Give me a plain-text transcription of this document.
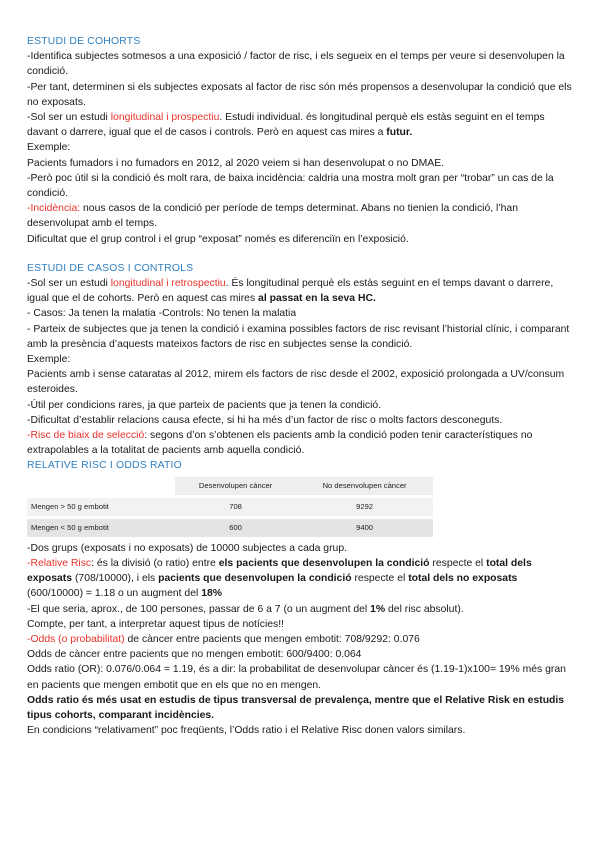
ESTUDI DE COHORTS

-Identifica subjectes sotmesos a una exposició / factor de risc, i els segueix en el temps per veure si desenvolupen la condició.

-Per tant, determinen si els subjectes exposats al factor de risc són més propensos a desenvolupar la condició que els no exposats.

-Sol ser un estudi longitudinal i prospectiu. Estudi individual. és longitudinal perquè els estàs seguint en el temps davant o darrere, igual que el de casos i controls. Però en aquest cas mires a futur.

Exemple:

Pacients fumadors i no fumadors en 2012, al 2020 veiem si han desenvolupat o no DMAE.

-Però poc útil si la condició és molt rara, de baixa incidència: caldria una mostra molt gran per “trobar” un cas de la condició.

-Incidència: nous casos de la condició per període de temps determinat. Abans no tienien la condició, l’han desenvolupat amb el temps.

Dificultat que el grup control i el grup “exposat” només es diferenciïn en l’exposició.

ESTUDI DE CASOS I CONTROLS

-Sol ser un estudi longitudinal i retrospectiu. És longitudinal perquè els estàs seguint en el temps davant o darrere, igual que el de cohorts. Però en aquest cas mires al passat en la seva HC.

- Casos: Ja tenen la malatia -Controls: No tenen la malatia

- Parteix de subjectes que ja tenen la condició i examina possibles factors de risc revisant l’historial clínic, i comparant amb la presència d’aquests mateixos factors de risc en subjectes sense la condició.

Exemple:

Pacients amb i sense cataratas al 2012, mirem els factors de risc desde el 2002, exposició prolongada a UV/consum esteroides.

-Útil per condicions rares, ja que parteix de pacients que ja tenen la condició.

-Dificultat d’establir relacions causa efecte, si hi ha més d’un factor de risc o molts factors desconeguts.

-Risc de biaix de selecció: segons d’on s’obtenen els pacients amb la condició poden tenir característiques no extrapolables a la totalitat de pacients amb aquella condició.

RELATIVE RISC I ODDS RATIO

	Desenvolupen càncer	No desenvolupen càncer

Mengen > 50 g embotit	708	9292

Mengen < 50 g embotit	600	9400

-Dos grups (exposats i no exposats) de 10000 subjectes a cada grup.

-Relative Risc: és la divisió (o ratio) entre els pacients que desenvolupen la condició respecte el total dels exposats (708/10000), i els pacients que desenvolupen la condició respecte el total dels no exposats (600/10000) = 1.18 o un augment del 18%

-El que seria, aprox., de 100 persones, passar de 6 a 7 (o un augment del 1% del risc absolut).

Compte, per tant, a interpretar aquest tipus de notícies!!

-Odds (o probabilitat) de càncer entre pacients que mengen embotit: 708/9292: 0.076

Odds de càncer entre pacients que no mengen embotit: 600/9400: 0.064

Odds ratio (OR): 0.076/0.064 = 1.19, és a dir: la probabilitat de desenvolupar càncer és (1.19-1)x100= 19% més gran en pacients que mengen embotit que en els que no en mengen.

Odds ratio és més usat en estudis de tipus transversal de prevalença, mentre que el Relative Risk en estudis tipus cohorts, comparant incidències.

En condicions “relativament” poc freqüents, l’Odds ratio i el Relative Risc donen valors similars.
